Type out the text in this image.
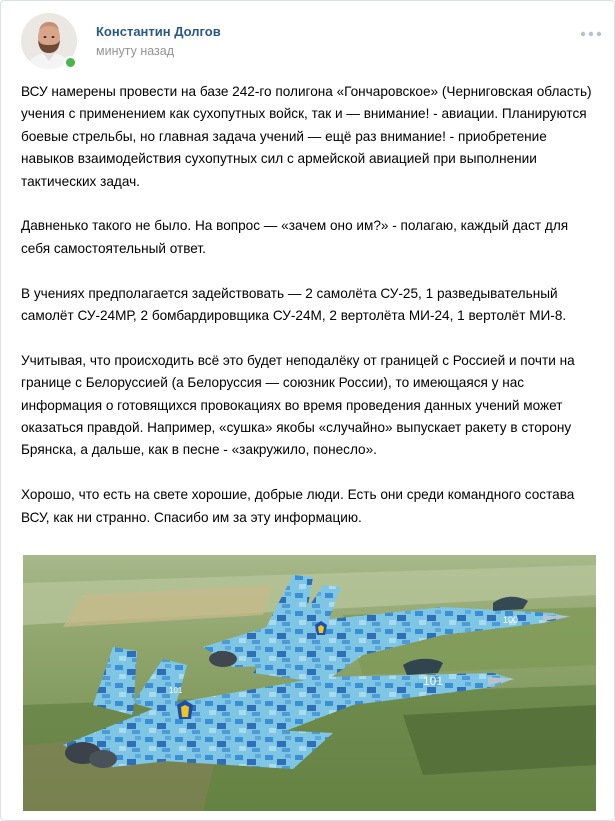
Константин Долгов
минуту назад

ВСУ намерены провести на базе 242-го полигона «Гончаровское» (Черниговская область) учения с применением как сухопутных войск, так и — внимание! - авиации. Планируются боевые стрельбы, но главная задача учений — ещё раз внимание! - приобретение навыков взаимодействия сухопутных сил с армейской авиацией при выполнении тактических задач.

Давненько такого не было. На вопрос — «зачем оно им?» - полагаю, каждый даст для себя самостоятельный ответ.

В учениях предполагается задействовать — 2 самолёта СУ-25, 1 разведывательный самолёт СУ-24МР, 2 бомбардировщика СУ-24М, 2 вертолёта МИ-24, 1 вертолёт МИ-8.

Учитывая, что происходить всё это будет неподалёку от границей с Россией и почти на границе с Белоруссией (а Белоруссия — союзник России), то имеющаяся у нас информация о готовящихся провокациях во время проведения данных учений может оказаться правдой. Например, «сушка» якобы «случайно» выпускает ракету в сторону Брянска, а дальше, как в песне - «закружило, понесло».

Хорошо, что есть на свете хорошие, добрые люди. Есть они среди командного состава ВСУ, как ни странно. Спасибо им за эту информацию.

100
101
101
